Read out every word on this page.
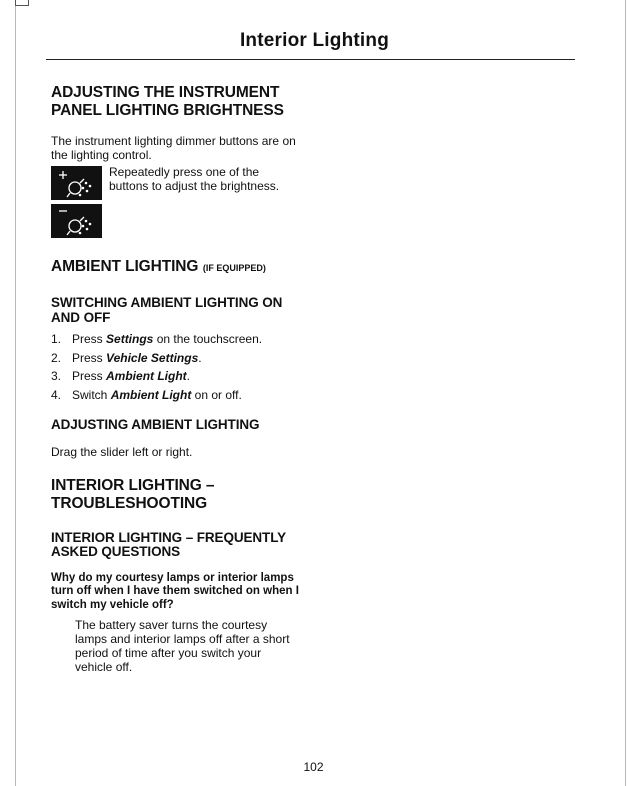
Interior Lighting
ADJUSTING THE INSTRUMENT PANEL LIGHTING BRIGHTNESS

The instrument lighting dimmer buttons are on the lighting control.

Repeatedly press one of the buttons to adjust the brightness.

AMBIENT LIGHTING (IF EQUIPPED)
SWITCHING AMBIENT LIGHTING ON AND OFF
1. Press Settings on the touchscreen.
2. Press Vehicle Settings.
3. Press Ambient Light.
4. Switch Ambient Light on or off.
ADJUSTING AMBIENT LIGHTING

Drag the slider left or right.

INTERIOR LIGHTING – TROUBLESHOOTING
INTERIOR LIGHTING – FREQUENTLY ASKED QUESTIONS

Why do my courtesy lamps or interior lamps turn off when I have them switched on when I switch my vehicle off?

The battery saver turns the courtesy lamps and interior lamps off after a short period of time after you switch your vehicle off.

102
